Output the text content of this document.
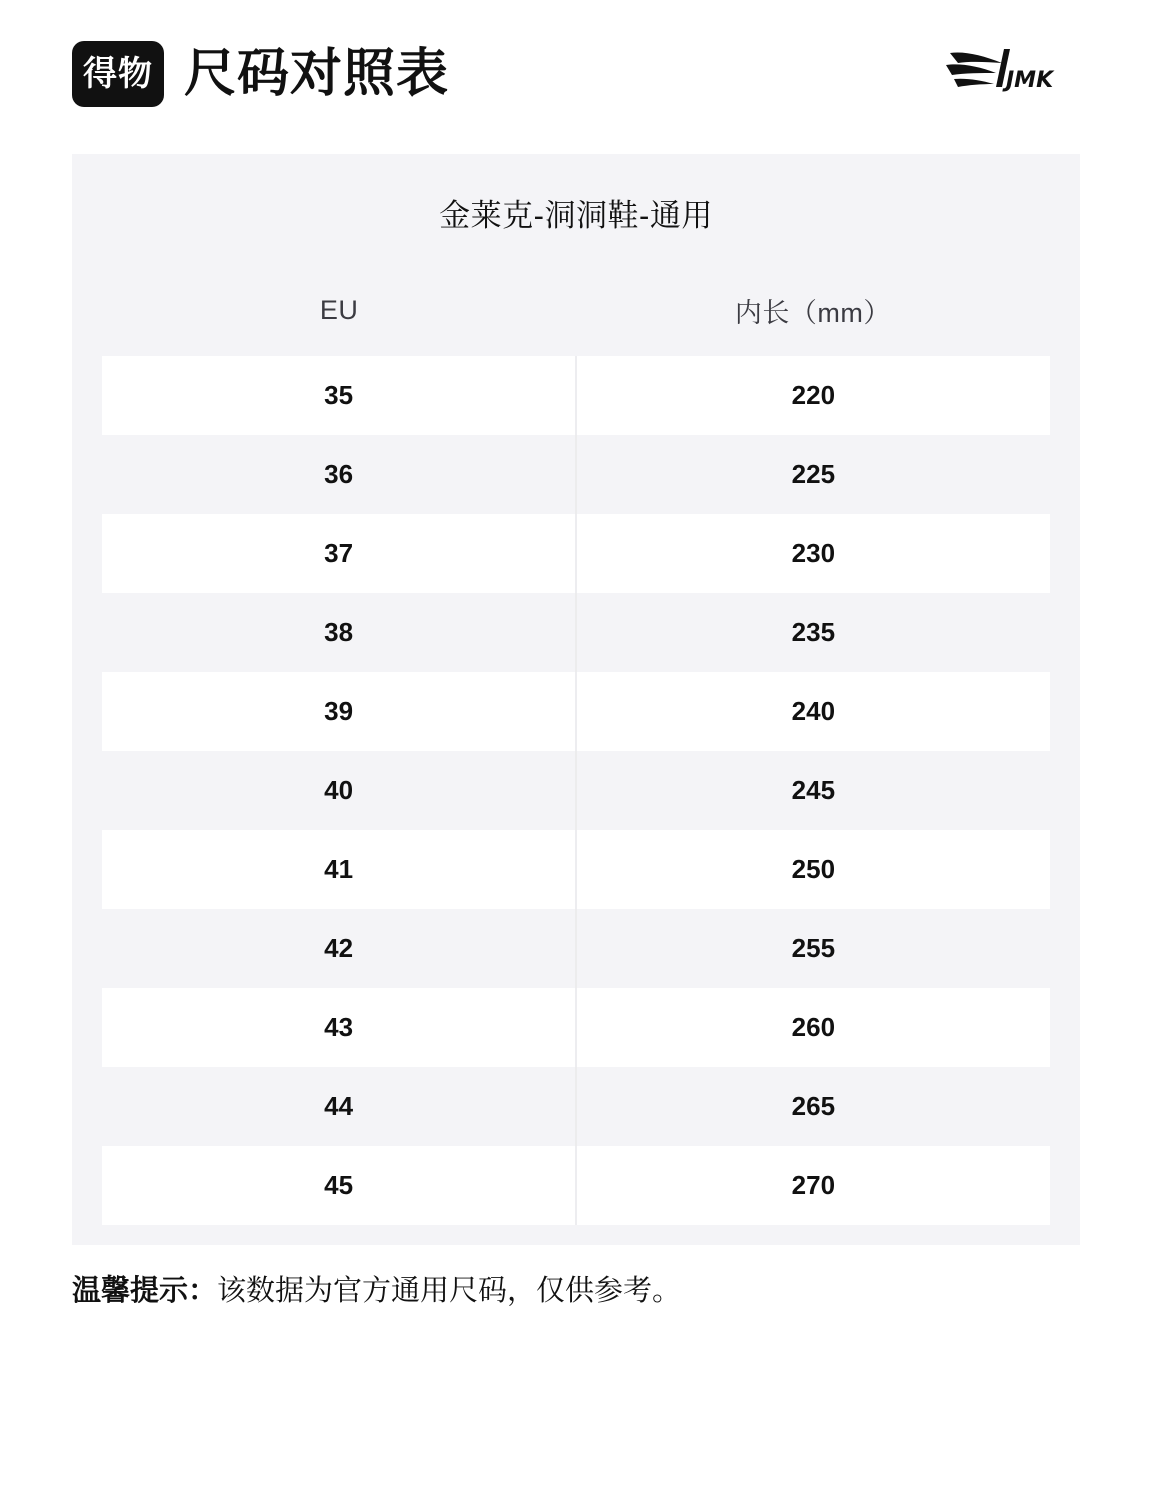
得物 尺码对照表	JMK
金莱克-洞洞鞋-通用
	EU	内长（mm）	
	35	220	
	36	225	
	37	230	
	38	235	
	39	240	
	40	245	
	41	250	
	42	255	
	43	260	
	44	265	
	45	270	
温馨提示：该数据为官方通用尺码，仅供参考。
